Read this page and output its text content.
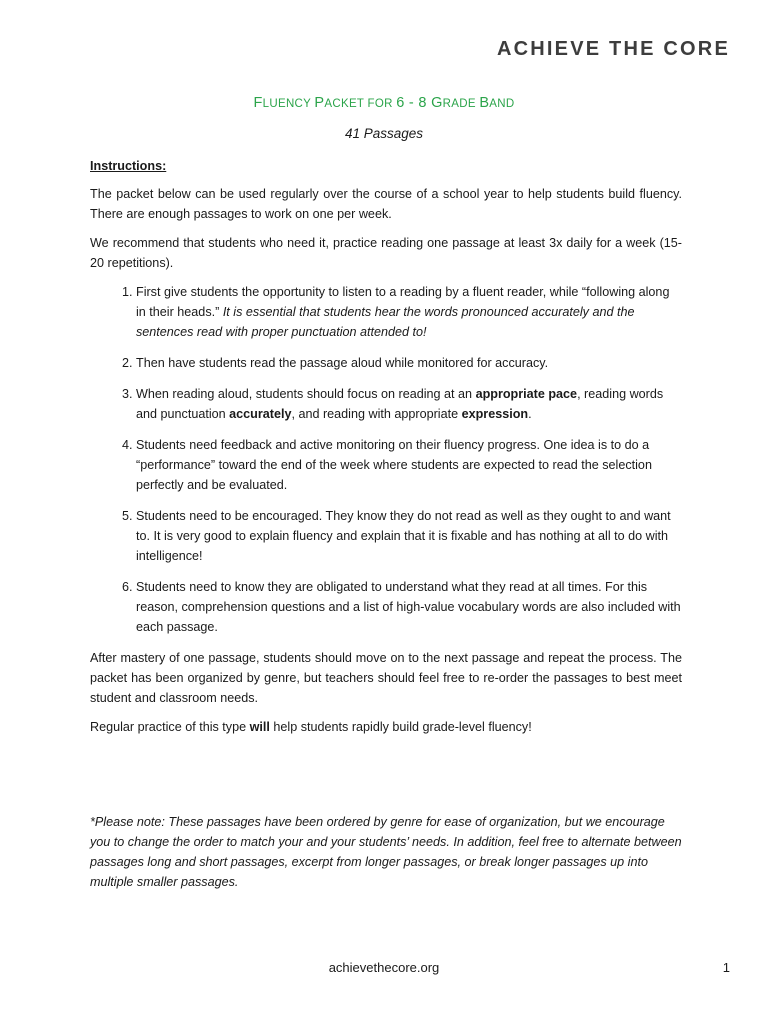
ACHIEVE THE CORE
FLUENCY PACKET FOR 6 - 8 GRADE BAND
41 Passages

Instructions:

The packet below can be used regularly over the course of a school year to help students build fluency. There are enough passages to work on one per week.

We recommend that students who need it, practice reading one passage at least 3x daily for a week (15-20 repetitions).

1. First give students the opportunity to listen to a reading by a fluent reader, while “following along in their heads.” It is essential that students hear the words pronounced accurately and the sentences read with proper punctuation attended to!
2. Then have students read the passage aloud while monitored for accuracy.
3. When reading aloud, students should focus on reading at an appropriate pace, reading words and punctuation accurately, and reading with appropriate expression.
4. Students need feedback and active monitoring on their fluency progress. One idea is to do a “performance” toward the end of the week where students are expected to read the selection perfectly and be evaluated.
5. Students need to be encouraged. They know they do not read as well as they ought to and want to. It is very good to explain fluency and explain that it is fixable and has nothing at all to do with intelligence!
6. Students need to know they are obligated to understand what they read at all times. For this reason, comprehension questions and a list of high-value vocabulary words are also included with each passage.

After mastery of one passage, students should move on to the next passage and repeat the process. The packet has been organized by genre, but teachers should feel free to re-order the passages to best meet student and classroom needs.

Regular practice of this type will help students rapidly build grade-level fluency!

*Please note: These passages have been ordered by genre for ease of organization, but we encourage you to change the order to match your and your students’ needs. In addition, feel free to alternate between passages long and short passages, excerpt from longer passages, or break longer passages up into multiple smaller passages.

achievethecore.org	1
